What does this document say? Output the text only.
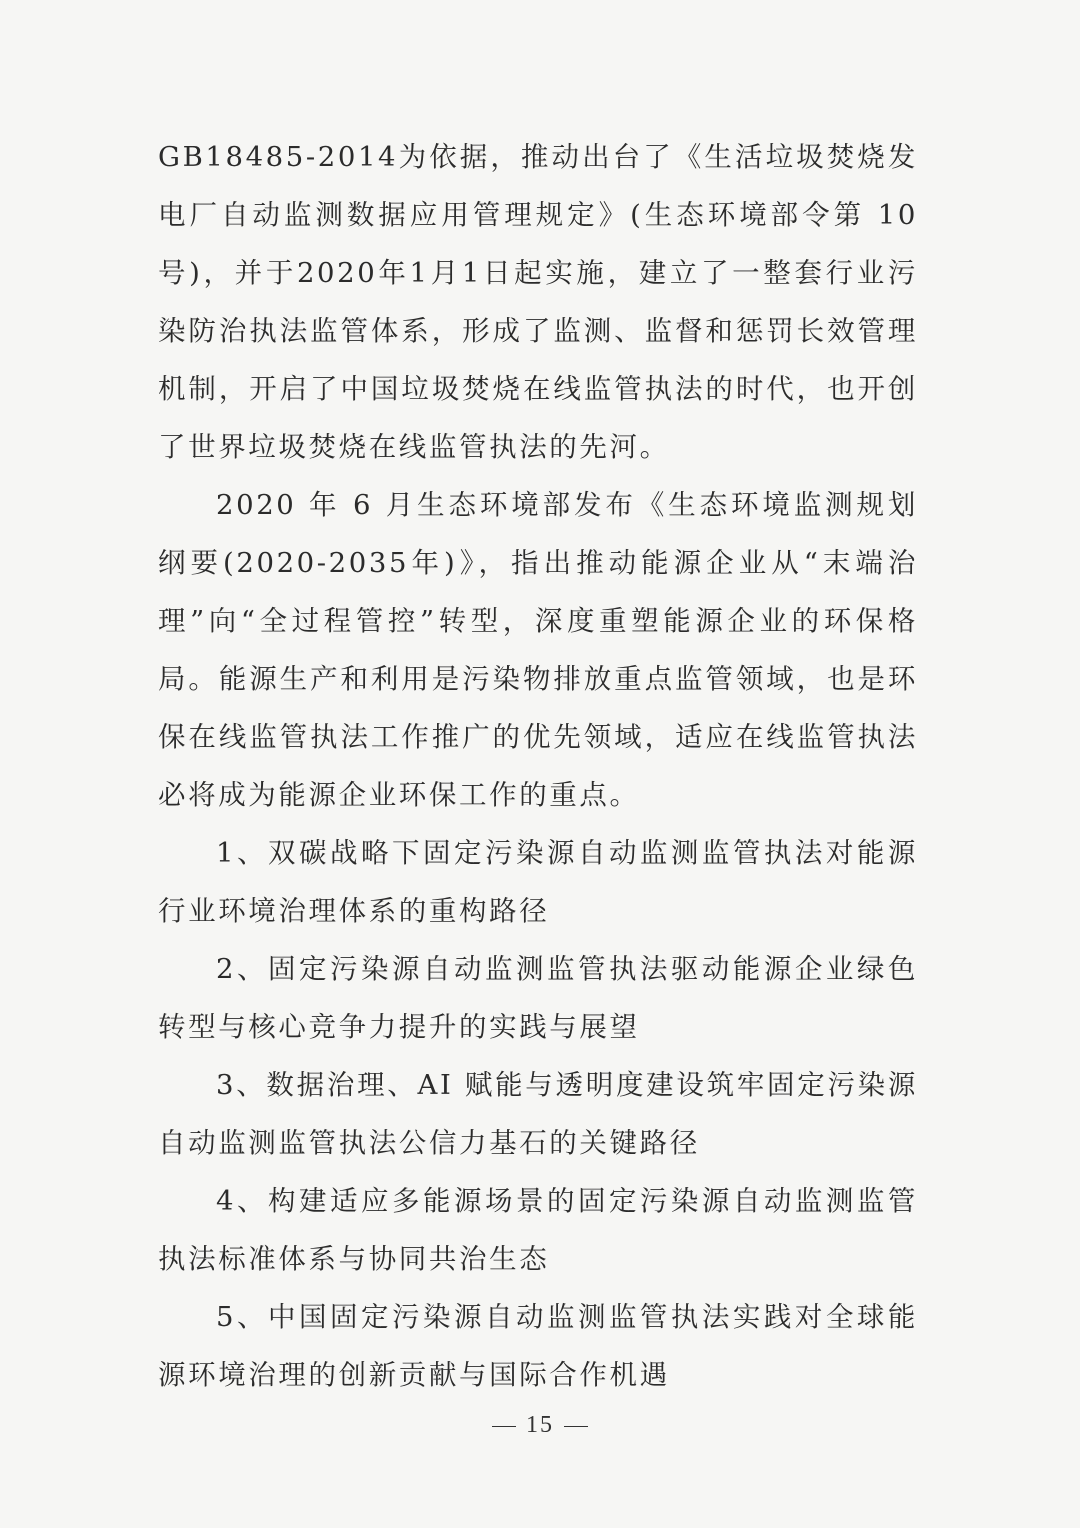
GB18485-2014为依据，推动出台了《生活垃圾焚烧发电厂自动监测数据应用管理规定》(生态环境部令第 10 号)，并于2020年1月1日起实施，建立了一整套行业污染防治执法监管体系，形成了监测、监督和惩罚长效管理机制，开启了中国垃圾焚烧在线监管执法的时代，也开创了世界垃圾焚烧在线监管执法的先河。

2020 年 6 月生态环境部发布《生态环境监测规划纲要(2020-2035年)》，指出推动能源企业从“末端治理”向“全过程管控”转型，深度重塑能源企业的环保格局。能源生产和利用是污染物排放重点监管领域，也是环保在线监管执法工作推广的优先领域，适应在线监管执法必将成为能源企业环保工作的重点。

1、双碳战略下固定污染源自动监测监管执法对能源行业环境治理体系的重构路径

2、固定污染源自动监测监管执法驱动能源企业绿色转型与核心竞争力提升的实践与展望

3、数据治理、AI 赋能与透明度建设筑牢固定污染源自动监测监管执法公信力基石的关键路径

4、构建适应多能源场景的固定污染源自动监测监管执法标准体系与协同共治生态

5、中国固定污染源自动监测监管执法实践对全球能源环境治理的创新贡献与国际合作机遇

15
